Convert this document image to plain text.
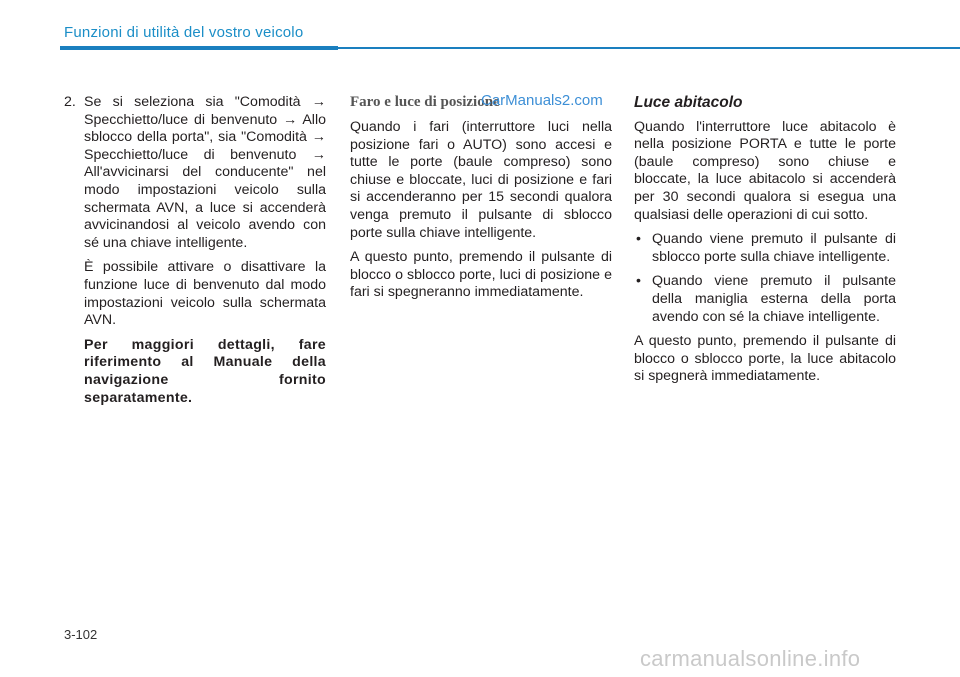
Funzioni di utilità del vostro veicolo
2. Se si seleziona sia "Comodità → Specchietto/luce di benvenuto → Allo sblocco della porta", sia "Comodità → Specchietto/luce di benvenuto → All'avvicinarsi del conducente" nel modo impostazioni veicolo sulla schermata AVN, a luce si accenderà avvicinandosi al veicolo avendo con sé una chiave intelligente.

È possibile attivare o disattivare la funzione luce di benvenuto dal modo impostazioni veicolo sulla schermata AVN.

Per maggiori dettagli, fare riferimento al Manuale della navigazione fornito separatamente.

Faro e luce di posizione
CarManuals2.com

Quando i fari (interruttore luci nella posizione fari o AUTO) sono accesi e tutte le porte (baule compreso) sono chiuse e bloccate, luci di posizione e fari si accenderanno per 15 secondi qualora venga premuto il pulsante di sblocco porte sulla chiave intelligente.

A questo punto, premendo il pulsante di blocco o sblocco porte, luci di posizione e fari si spegneranno immediatamente.

Luce abitacolo

Quando l'interruttore luce abitacolo è nella posizione PORTA e tutte le porte (baule compreso) sono chiuse e bloccate, la luce abitacolo si accenderà per 30 secondi qualora si esegua una qualsiasi delle operazioni di cui sotto.

• Quando viene premuto il pulsante di sblocco porte sulla chiave intelligente.

• Quando viene premuto il pulsante della maniglia esterna della porta avendo con sé la chiave intelligente.

A questo punto, premendo il pulsante di blocco o sblocco porte, la luce abitacolo si spegnerà immediatamente.

3-102
carmanualsonline.info
